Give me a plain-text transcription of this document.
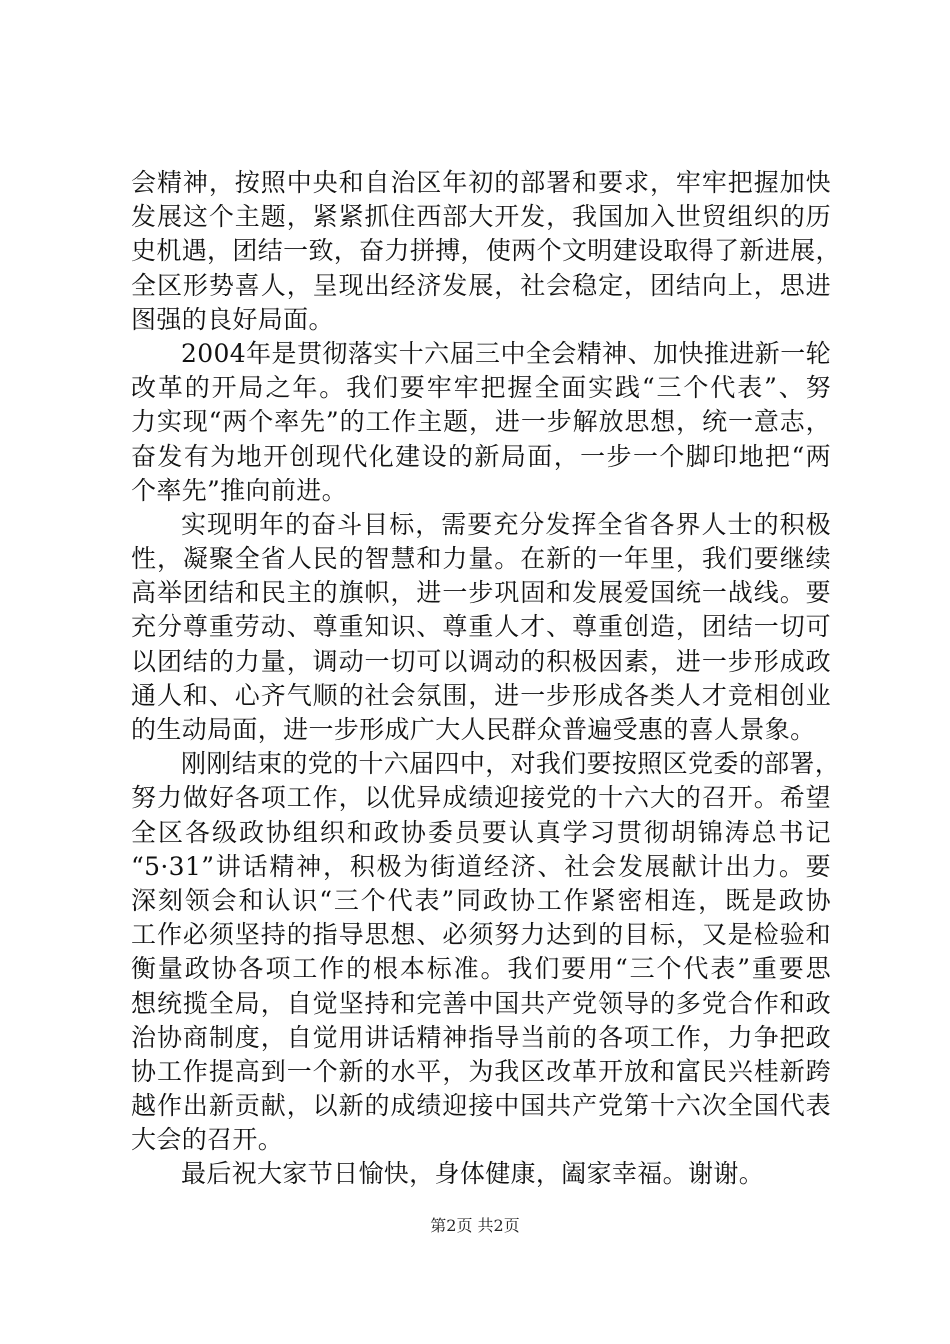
会精神，按照中央和自治区年初的部署和要求，牢牢把握加快
发展这个主题，紧紧抓住西部大开发，我国加入世贸组织的历
史机遇，团结一致，奋力拼搏，使两个文明建设取得了新进展，
全区形势喜人，呈现出经济发展，社会稳定，团结向上，思进
图强的良好局面。
2004年是贯彻落实十六届三中全会精神、加快推进新一轮
改革的开局之年。我们要牢牢把握全面实践“三个代表”、努
力实现“两个率先”的工作主题，进一步解放思想，统一意志，
奋发有为地开创现代化建设的新局面，一步一个脚印地把“两
个率先”推向前进。
实现明年的奋斗目标，需要充分发挥全省各界人士的积极
性，凝聚全省人民的智慧和力量。在新的一年里，我们要继续
高举团结和民主的旗帜，进一步巩固和发展爱国统一战线。要
充分尊重劳动、尊重知识、尊重人才、尊重创造，团结一切可
以团结的力量，调动一切可以调动的积极因素，进一步形成政
通人和、心齐气顺的社会氛围，进一步形成各类人才竞相创业
的生动局面，进一步形成广大人民群众普遍受惠的喜人景象。
刚刚结束的党的十六届四中，对我们要按照区党委的部署，
努力做好各项工作，以优异成绩迎接党的十六大的召开。希望
全区各级政协组织和政协委员要认真学习贯彻胡锦涛总书记
“5·31”讲话精神，积极为街道经济、社会发展献计出力。要
深刻领会和认识“三个代表”同政协工作紧密相连，既是政协
工作必须坚持的指导思想、必须努力达到的目标，又是检验和
衡量政协各项工作的根本标准。我们要用“三个代表”重要思
想统揽全局，自觉坚持和完善中国共产党领导的多党合作和政
治协商制度，自觉用讲话精神指导当前的各项工作，力争把政
协工作提高到一个新的水平，为我区改革开放和富民兴桂新跨
越作出新贡献，以新的成绩迎接中国共产党第十六次全国代表
大会的召开。
最后祝大家节日愉快，身体健康，阖家幸福。谢谢。
第2页 共2页
